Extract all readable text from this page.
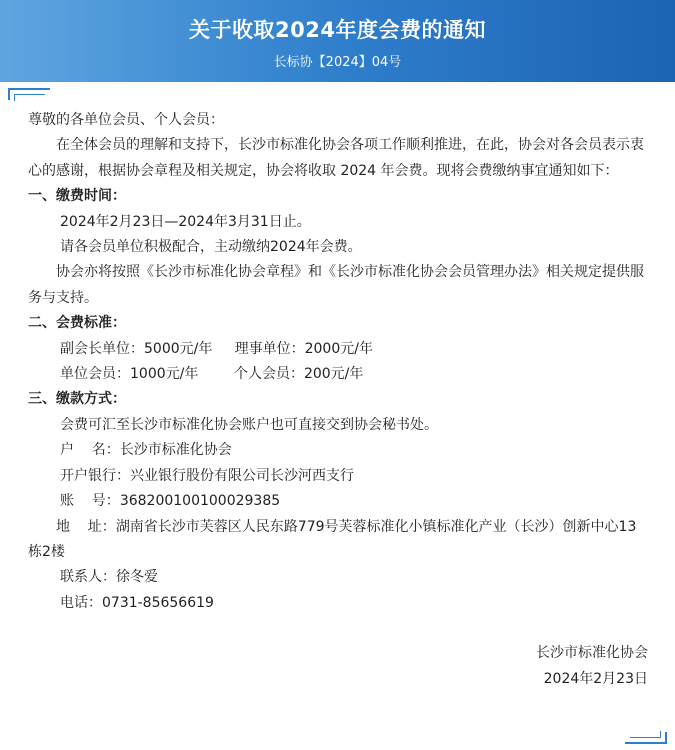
关于收取2024年度会费的通知
长标协【2024】04号

尊敬的各单位会员、个人会员：

在全体会员的理解和支持下，长沙市标准化协会各项工作顺利推进，在此，协会对各会员表示衷心的感谢，根据协会章程及相关规定，协会将收取 2024 年会费。现将会费缴纳事宜通知如下：

一、缴费时间：

2024年2月23日—2024年3月31日止。

请各会员单位积极配合，主动缴纳2024年会费。

协会亦将按照《长沙市标准化协会章程》和《长沙市标准化协会会员管理办法》相关规定提供服务与支持。

二、会费标准：

副会长单位：5000元/年     理事单位：2000元/年

单位会员：1000元/年        个人会员：200元/年

三、缴款方式：

会费可汇至长沙市标准化协会账户也可直接交到协会秘书处。

户    名：长沙市标准化协会

开户银行：兴业银行股份有限公司长沙河西支行

账    号：368200100100029385

地    址：湖南省长沙市芙蓉区人民东路779号芙蓉标准化小镇标准化产业（长沙）创新中心13栋2楼

联系人：徐冬爱

电话：0731-85656619

长沙市标准化协会

2024年2月23日
